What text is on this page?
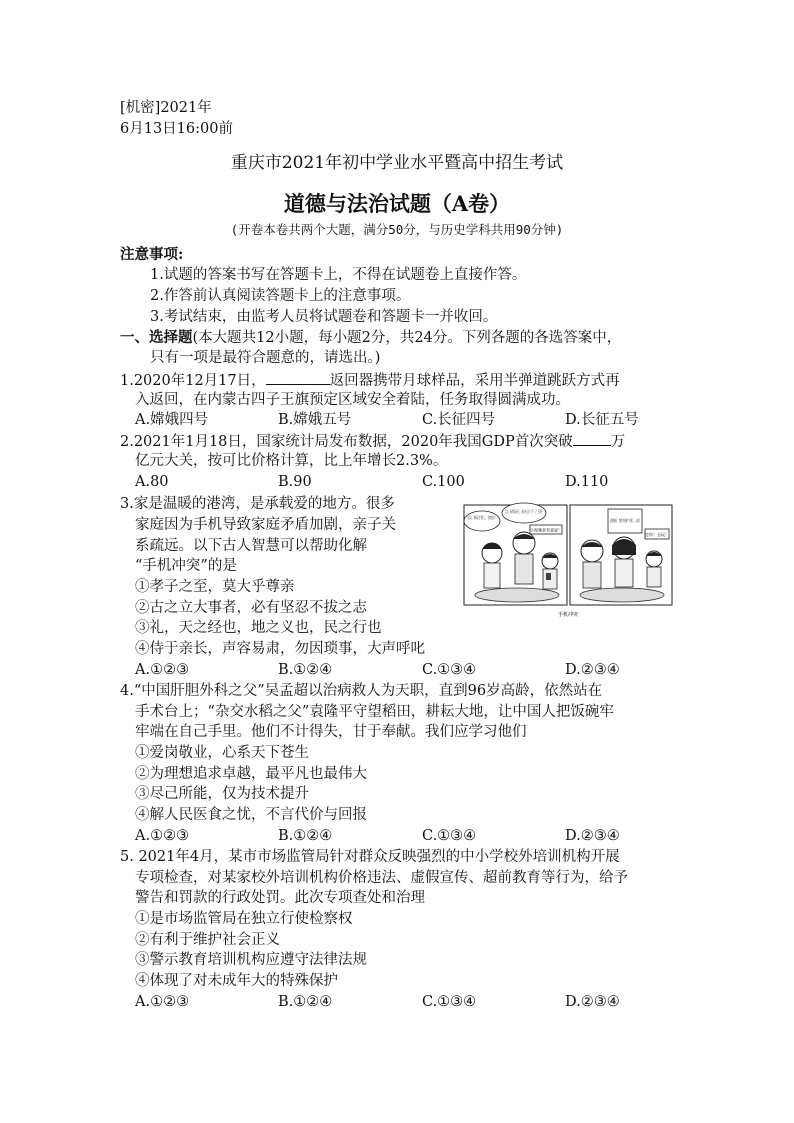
[机密]2021年
6月13日16:00前
重庆市2021年初中学业水平暨高中招生考试
道德与法治试题（A卷）
(开卷本卷共两个大题，满分50分，与历史学科共用90分钟)
注意事项:
1.试题的答案书写在答题卡上，不得在试题卷上直接作答。
2.作答前认真阅读答题卡上的注意事项。
3.考试结束，由监考人员将试题卷和答题卡一并收回。
一、选择题(本大题共12小题，每小题2分，共24分。下列各题的各选答案中，
只有一项是最符合题意的，请选出。)
1.2020年12月17日，	返回器携带月球样品，采用半弹道跳跃方式再
入返回，在内蒙古四子王旗预定区域安全着陆，任务取得圆满成功。
A.嫦娥四号	B.嫦娥五号	C.长征四号	D.长征五号
2.2021年1月18日，国家统计局发布数据，2020年我国GDP首次突破	万
亿元大关，按可比价格计算，比上年增长2.3%。
A.80	B.90	C.100	D.110
3.家是温暖的港湾，是承载爱的地方。很多
家庭因为手机导致家庭矛盾加剧，亲子关
系疏远。以下古人智慧可以帮助化解
“手机冲突”的是
①孝子之至，莫大乎尊亲
②古之立大事者，必有坚忍不拔之志
③礼，天之经也，地之义也，民之行也
④侍于亲长，声容易肃，勿因琐事，大声呼叱
A.①②③	B.①②④	C.①③④	D.②③④
宝贝，别玩手机了，快吃饭！
小视频真有意思！
打你！去玩！
手机冲突
4.“中国肝胆外科之父”吴孟超以治病救人为天职，直到96岁高龄，依然站在
手术台上；“杂交水稻之父”袁隆平守望稻田，耕耘大地，让中国人把饭碗牢
牢端在自己手里。他们不计得失，甘于奉献。我们应学习他们
①爱岗敬业，心系天下苍生
②为理想追求卓越，最平凡也最伟大
③尽己所能，仅为技术提升
④解人民医食之忧，不言代价与回报
A.①②③	B.①②④	C.①③④	D.②③④
5. 2021年4月，某市市场监管局针对群众反映强烈的中小学校外培训机构开展
专项检查，对某家校外培训机构价格违法、虚假宣传、超前教育等行为，给予
警告和罚款的行政处罚。此次专项查处和治理
①是市场监管局在独立行使检察权
②有利于维护社会正义
③警示教育培训机构应遵守法律法规
④体现了对未成年大的特殊保护
A.①②③	B.①②④	C.①③④	D.②③④
